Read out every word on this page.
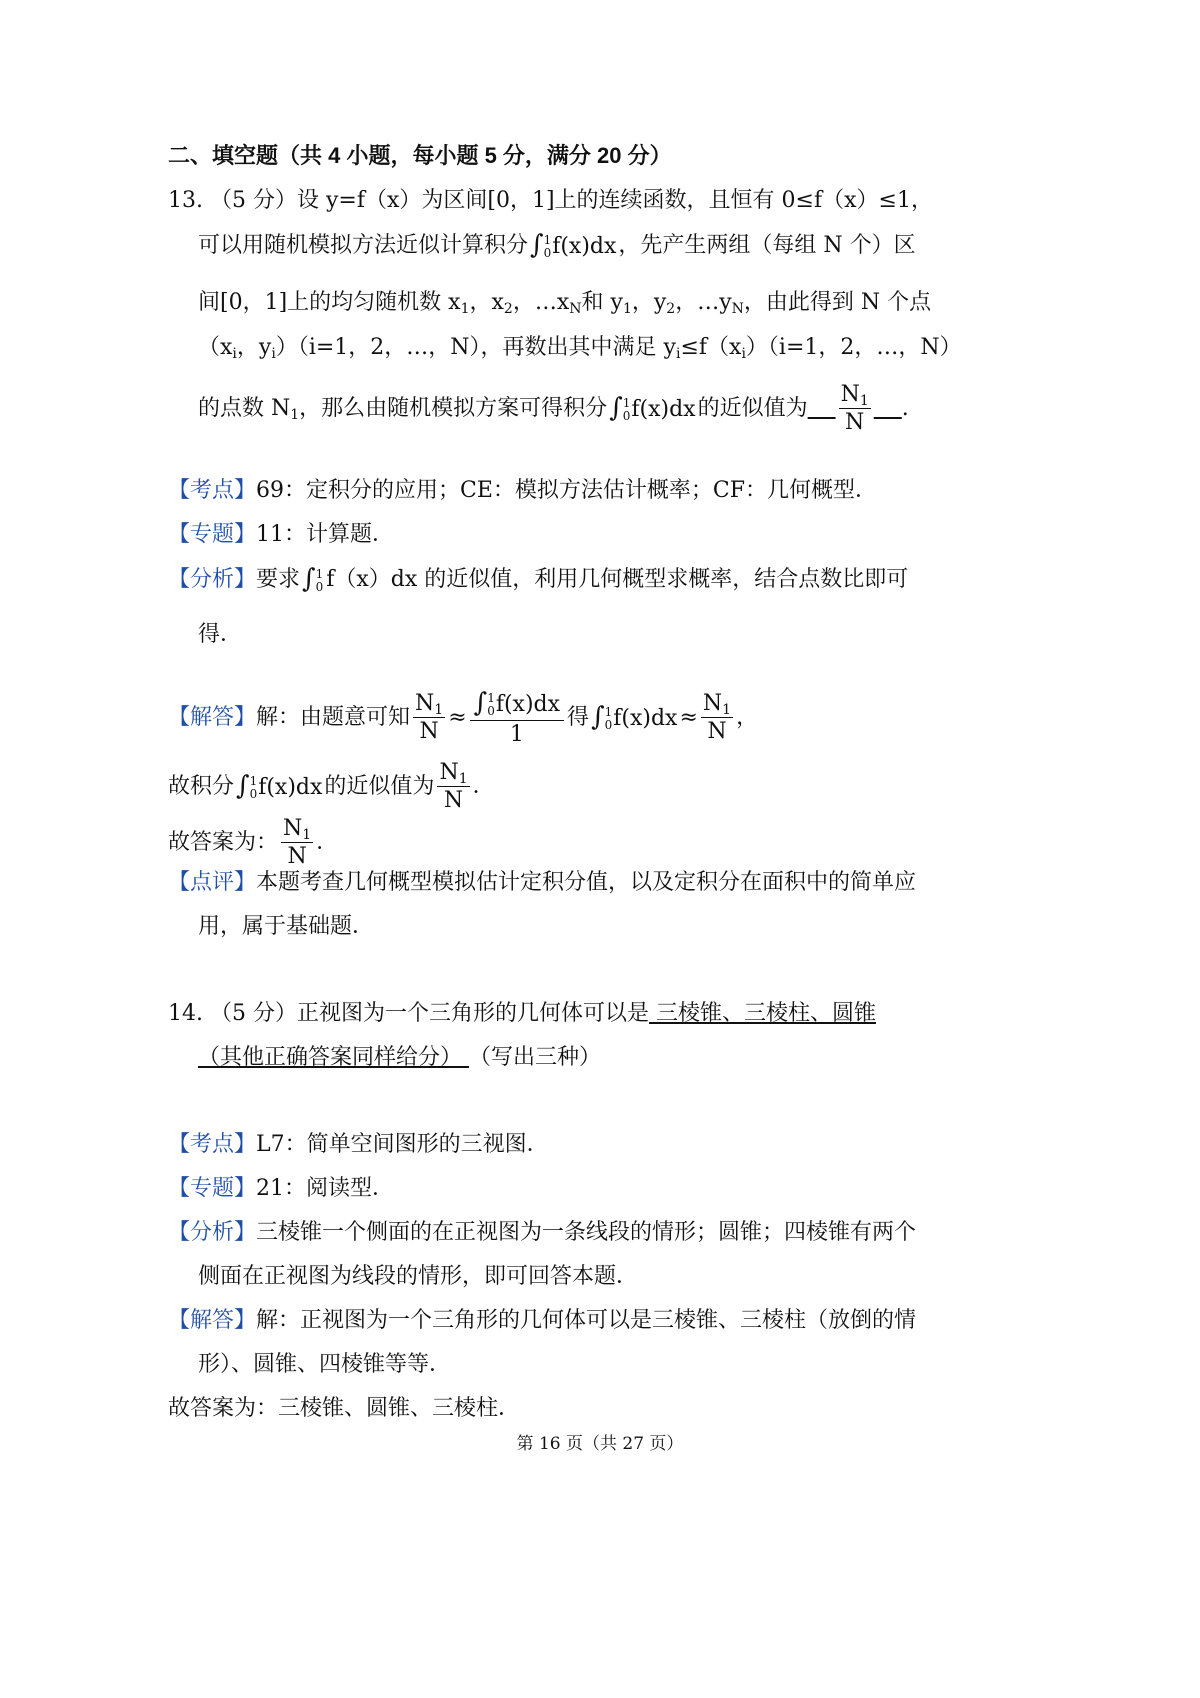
二、填空题（共 4 小题，每小题 5 分，满分 20 分）
13. （5 分）设 y=f（x）为区间[0，1]上的连续函数，且恒有 0≤f（x）≤1，
可以用随机模拟方法近似计算积分∫ 1
0 f(x)dx，先产生两组（每组 N 个）区
间[0，1]上的均匀随机数 $x_1$，$x_2$，$\dots x_N$和 $y_1$，$y_2$，$\dots y_N$，由此得到 N 个点
（$x_i$，$y_i)(i=1$，2，…，N），再数出其中满足 $y_i\le f(x_i)(i=1$，2，…，N）
的点数 $N_1$，那么由随机模拟方案可得积分∫ 1
0 f(x)dx的近似值为 $\frac{N_1}{N}$ .
【考点】69：定积分的应用；CE：模拟方法估计概率；CF：几何概型．
【专题】11：计算题．
【分析】要求∫ 1
0 f（x）dx 的近似值，利用几何概型求概率，结合点数比即可
得．
【解答】解：由题意可知 $\frac{N_1}{N}$ ≈ ∫ 1
0 f(x)dx
1 得∫ 1
0 $f(x)dx\approx \frac{N_1}{N}$ ，
故积分∫ 1
0 f(x)dx的近似值为 $\frac{N_1}{N}$ ．
故答案为： $\frac{N_1}{N}$ ．
【点评】本题考查几何概型模拟估计定积分值，以及定积分在面积中的简单应
用，属于基础题．
14. （5 分）正视图为一个三角形的几何体可以是 三棱锥、三棱柱、圆锥
（其他正确答案同样给分） （写出三种）
【考点】L7：简单空间图形的三视图．
【专题】21：阅读型．
【分析】三棱锥一个侧面的在正视图为一条线段的情形；圆锥；四棱锥有两个
侧面在正视图为线段的情形，即可回答本题．
【解答】解：正视图为一个三角形的几何体可以是三棱锥、三棱柱（放倒的情
形）、圆锥、四棱锥等等．
故答案为：三棱锥、圆锥、三棱柱．
第 16 页（共 27 页）
